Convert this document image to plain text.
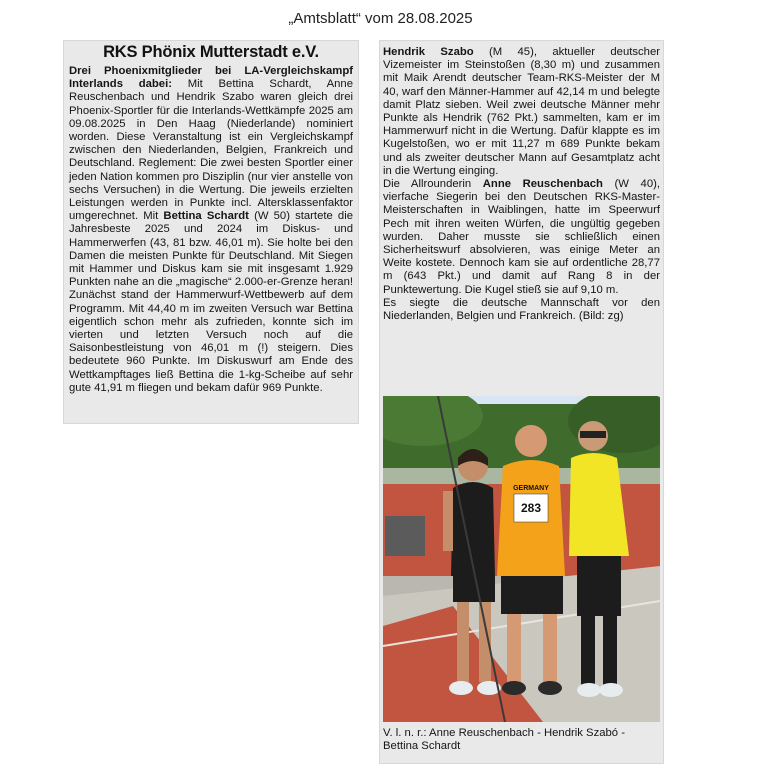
„Amtsblatt“ vom 28.08.2025
RKS Phönix Mutterstadt e.V.

Drei Phoenixmitglieder bei LA-Vergleichskampf Interlands dabei: Mit Bettina Schardt, Anne Reuschenbach und Hendrik Szabo waren gleich drei Phoenix-Sportler für die Interlands-Wettkämpfe 2025 am 09.08.2025 in Den Haag (Niederlande) nominiert worden. Diese Veranstaltung ist ein Vergleichskampf zwischen den Niederlanden, Belgien, Frankreich und Deutschland. Reglement: Die zwei besten Sportler einer jeden Nation kommen pro Disziplin (nur vier anstelle von sechs Versuchen) in die Wertung. Die jeweils erzielten Leistungen werden in Punkte incl. Altersklassenfaktor umgerechnet. Mit Bettina Schardt (W 50) startete die Jahresbeste 2025 und 2024 im Diskus- und Hammerwerfen (43, 81 bzw. 46,01 m). Sie holte bei den Damen die meisten Punkte für Deutschland. Mit Siegen mit Hammer und Diskus kam sie mit insgesamt 1.929 Punkten nahe an die „magische“ 2.000-er-Grenze heran! Zunächst stand der Hammerwurf-Wettbewerb auf dem Programm. Mit 44,40 m im zweiten Versuch war Bettina eigentlich schon mehr als zufrieden, konnte sich im vierten und letzten Versuch noch auf die Saisonbestleistung von 46,01 m (!) steigern. Dies bedeutete 960 Punkte. Im Diskuswurf am Ende des Wettkampftages ließ Bettina die 1-kg-Scheibe auf sehr gute 41,91 m fliegen und bekam dafür 969 Punkte.

Hendrik Szabo (M 45), aktueller deutscher Vizemeister im Steinstoßen (8,30 m) und zusammen mit Maik Arendt deutscher Team-RKS-Meister der M 40, warf den Männer-Hammer auf 42,14 m und belegte damit Platz sieben. Weil zwei deutsche Männer mehr Punkte als Hendrik (762 Pkt.) sammelten, kam er im Hammerwurf nicht in die Wertung. Dafür klappte es im Kugelstoßen, wo er mit 11,27 m 689 Punkte bekam und als zweiter deutscher Mann auf Gesamtplatz acht in die Wertung einging.

Die Allrounderin Anne Reuschenbach (W 40), vierfache Siegerin bei den Deutschen RKS-Master-Meisterschaften in Waiblingen, hatte im Speerwurf Pech mit ihren weiten Würfen, die ungültig gegeben wurden. Daher musste sie schließlich einen Sicherheitswurf absolvieren, was einige Meter an Weite kostete. Dennoch kam sie auf ordentliche 28,77 m (643 Pkt.) und damit auf Rang 8 in der Punktewertung. Die Kugel stieß sie auf 9,10 m.

Es siegte die deutsche Mannschaft vor den Niederlanden, Belgien und Frankreich. (Bild: zg)

283
GERMANY
V. l. n. r.: Anne Reuschenbach - Hendrik Szabó - Bettina Schardt
